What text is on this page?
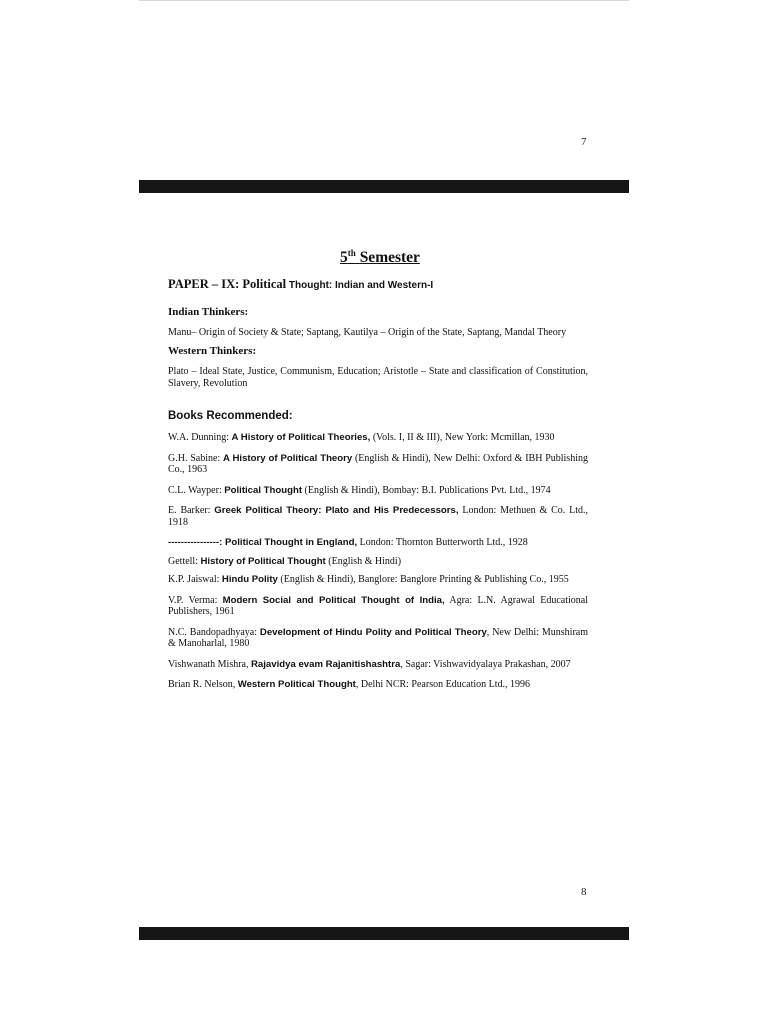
7
5th Semester
PAPER – IX: Political Thought: Indian and Western-I
Indian Thinkers:
Manu– Origin of Society & State; Saptang, Kautilya – Origin of the State, Saptang, Mandal Theory
Western Thinkers:
Plato – Ideal State, Justice, Communism, Education; Aristotle – State and classification of Constitution, Slavery, Revolution
Books Recommended:
W.A. Dunning: A History of Political Theories, (Vols. I, II & III), New York: Mcmillan, 1930
G.H. Sabine: A History of Political Theory (English & Hindi), New Delhi: Oxford & IBH Publishing Co., 1963
C.L. Wayper: Political Thought (English & Hindi), Bombay: B.I. Publications Pvt. Ltd., 1974
E. Barker: Greek Political Theory: Plato and His Predecessors, London: Methuen & Co. Ltd., 1918
----------------: Political Thought in England, London: Thornton Butterworth Ltd., 1928
Gettell: History of Political Thought (English & Hindi)
K.P. Jaiswal: Hindu Polity (English & Hindi), Banglore: Banglore Printing & Publishing Co., 1955
V.P. Verma: Modern Social and Political Thought of India, Agra: L.N. Agrawal Educational Publishers, 1961
N.C. Bandopadhyaya: Development of Hindu Polity and Political Theory, New Delhi: Munshiram & Manoharlal, 1980
Vishwanath Mishra, Rajavidya evam Rajanitishashtra, Sagar: Vishwavidyalaya Prakashan, 2007
Brian R. Nelson, Western Political Thought, Delhi NCR: Pearson Education Ltd., 1996
8
